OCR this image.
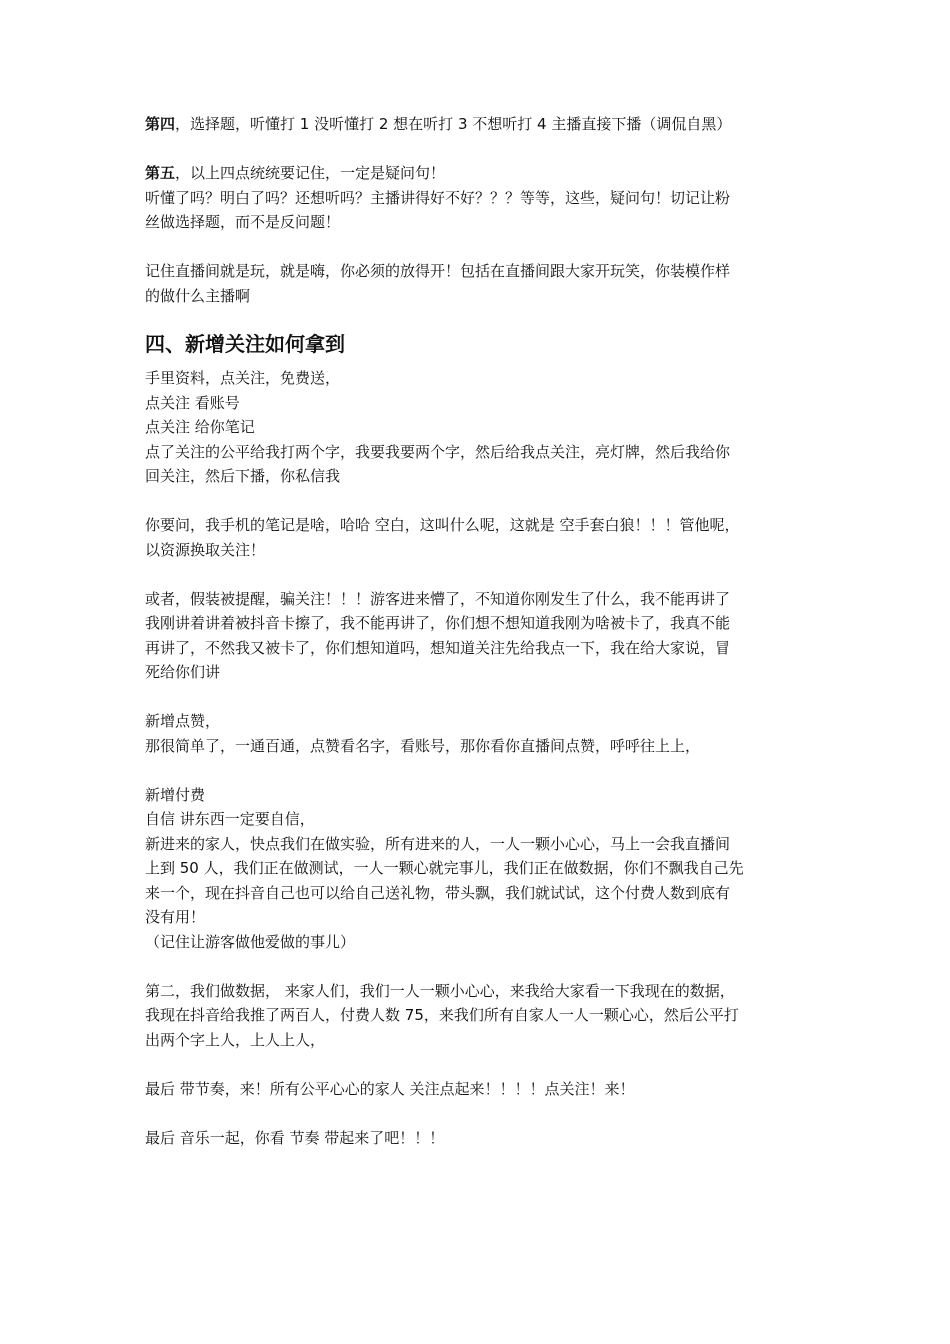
第四，选择题，听懂打 1 没听懂打 2 想在听打 3 不想听打 4 主播直接下播（调侃自黑）
第五，以上四点统统要记住，一定是疑问句！
听懂了吗？明白了吗？还想听吗？主播讲得好不好？？？等等，这些，疑问句！切记让粉
丝做选择题，而不是反问题！
记住直播间就是玩，就是嗨，你必须的放得开！包括在直播间跟大家开玩笑，你装模作样
的做什么主播啊
四、新增关注如何拿到
手里资料，点关注，免费送，
点关注 看账号
点关注 给你笔记
点了关注的公平给我打两个字，我要我要两个字，然后给我点关注，亮灯牌，然后我给你
回关注，然后下播，你私信我
你要问，我手机的笔记是啥，哈哈 空白，这叫什么呢，这就是 空手套白狼！！！管他呢，
以资源换取关注！
或者，假装被提醒，骗关注！！！游客进来懵了，不知道你刚发生了什么，我不能再讲了
我刚讲着讲着被抖音卡擦了，我不能再讲了，你们想不想知道我刚为啥被卡了，我真不能
再讲了，不然我又被卡了，你们想知道吗，想知道关注先给我点一下，我在给大家说，冒
死给你们讲
新增点赞，
那很简单了，一通百通，点赞看名字，看账号，那你看你直播间点赞，呼呼往上上，
新增付费
自信 讲东西一定要自信，
新进来的家人，快点我们在做实验，所有进来的人，一人一颗小心心，马上一会我直播间
上到 50 人，我们正在做测试，一人一颗心就完事儿，我们正在做数据，你们不飘我自己先
来一个，现在抖音自己也可以给自己送礼物，带头飘，我们就试试，这个付费人数到底有
没有用！
（记住让游客做他爱做的事儿）
第二，我们做数据， 来家人们，我们一人一颗小心心，来我给大家看一下我现在的数据，
我现在抖音给我推了两百人，付费人数 75，来我们所有自家人一人一颗心心，然后公平打
出两个字上人，上人上人，
最后 带节奏，来！所有公平心心的家人 关注点起来！！！！点关注！来！
最后 音乐一起，你看 节奏 带起来了吧！！！
